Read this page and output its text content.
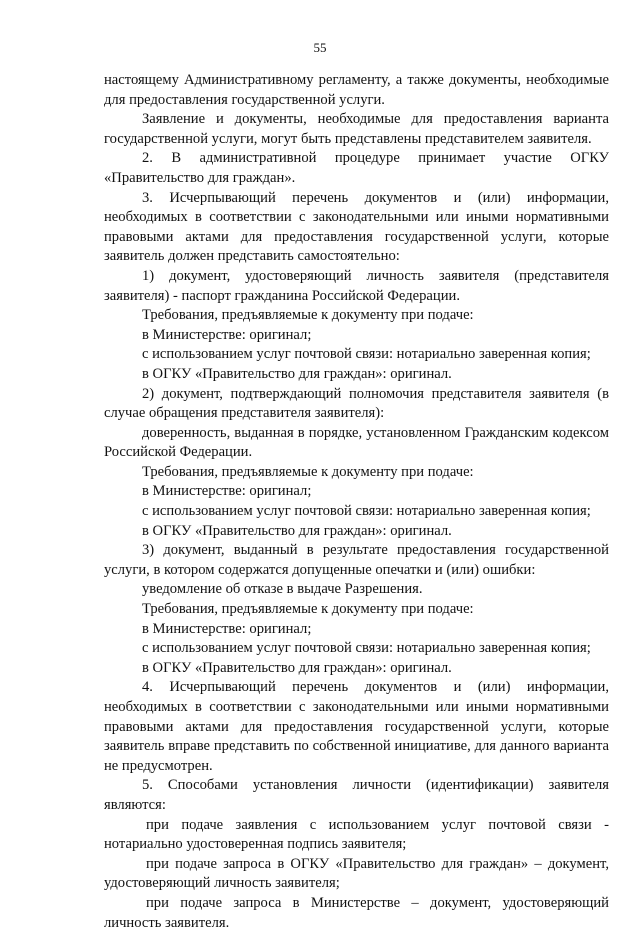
55

настоящему Административному регламенту, а также документы, необходимые для предоставления государственной услуги.

Заявление и документы, необходимые для предоставления варианта государственной услуги, могут быть представлены представителем заявителя.

2. В административной процедуре принимает участие ОГКУ «Правительство для граждан».

3. Исчерпывающий перечень документов и (или) информации, необходимых в соответствии с законодательными или иными нормативными правовыми актами для предоставления государственной услуги, которые заявитель должен представить самостоятельно:

1) документ, удостоверяющий личность заявителя (представителя заявителя) - паспорт гражданина Российской Федерации.

Требования, предъявляемые к документу при подаче:

в Министерстве: оригинал;

с использованием услуг почтовой связи: нотариально заверенная копия;

в ОГКУ «Правительство для граждан»: оригинал.

2) документ, подтверждающий полномочия представителя заявителя (в случае обращения представителя заявителя):

доверенность, выданная в порядке, установленном Гражданским кодексом Российской Федерации.

Требования, предъявляемые к документу при подаче:

в Министерстве: оригинал;

с использованием услуг почтовой связи: нотариально заверенная копия;

в ОГКУ «Правительство для граждан»: оригинал.

3) документ, выданный в результате предоставления государственной услуги, в котором содержатся допущенные опечатки и (или) ошибки:

уведомление об отказе в выдаче Разрешения.

Требования, предъявляемые к документу при подаче:

в Министерстве: оригинал;

с использованием услуг почтовой связи: нотариально заверенная копия;

в ОГКУ «Правительство для граждан»: оригинал.

4. Исчерпывающий перечень документов и (или) информации, необходимых в соответствии с законодательными или иными нормативными правовыми актами для предоставления государственной услуги, которые заявитель вправе представить по собственной инициативе, для данного варианта не предусмотрен.

5. Способами установления личности (идентификации) заявителя являются:

при подаче заявления с использованием услуг почтовой связи - нотариально удостоверенная подпись заявителя;

при подаче запроса в ОГКУ «Правительство для граждан» – документ, удостоверяющий личность заявителя;

при подаче запроса в Министерстве – документ, удостоверяющий личность заявителя.
